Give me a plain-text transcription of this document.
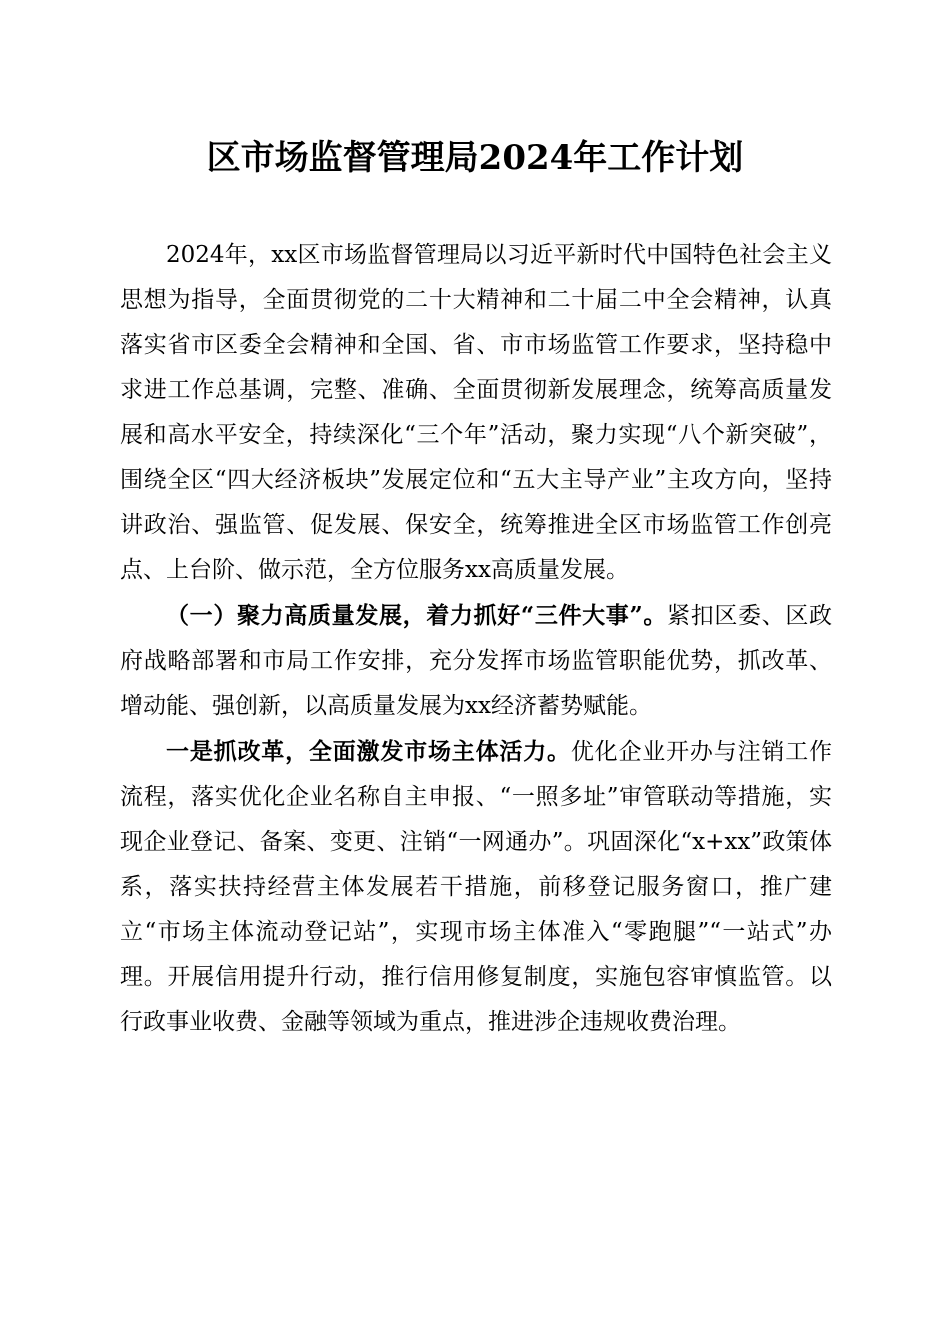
区市场监督管理局2024年工作计划

2024年，xx区市场监督管理局以习近平新时代中国特色社会主义思想为指导，全面贯彻党的二十大精神和二十届二中全会精神，认真落实省市区委全会精神和全国、省、市市场监管工作要求，坚持稳中求进工作总基调，完整、准确、全面贯彻新发展理念，统筹高质量发展和高水平安全，持续深化“三个年”活动，聚力实现“八个新突破”，围绕全区“四大经济板块”发展定位和“五大主导产业”主攻方向，坚持讲政治、强监管、促发展、保安全，统筹推进全区市场监管工作创亮点、上台阶、做示范，全方位服务xx高质量发展。

（一）聚力高质量发展，着力抓好“三件大事”。紧扣区委、区政府战略部署和市局工作安排，充分发挥市场监管职能优势，抓改革、增动能、强创新，以高质量发展为xx经济蓄势赋能。

一是抓改革，全面激发市场主体活力。优化企业开办与注销工作流程，落实优化企业名称自主申报、“一照多址”审管联动等措施，实现企业登记、备案、变更、注销“一网通办”。巩固深化“x+xx”政策体系，落实扶持经营主体发展若干措施，前移登记服务窗口，推广建立“市场主体流动登记站”，实现市场主体准入“零跑腿”“一站式”办理。开展信用提升行动，推行信用修复制度，实施包容审慎监管。以行政事业收费、金融等领域为重点，推进涉企违规收费治理。
